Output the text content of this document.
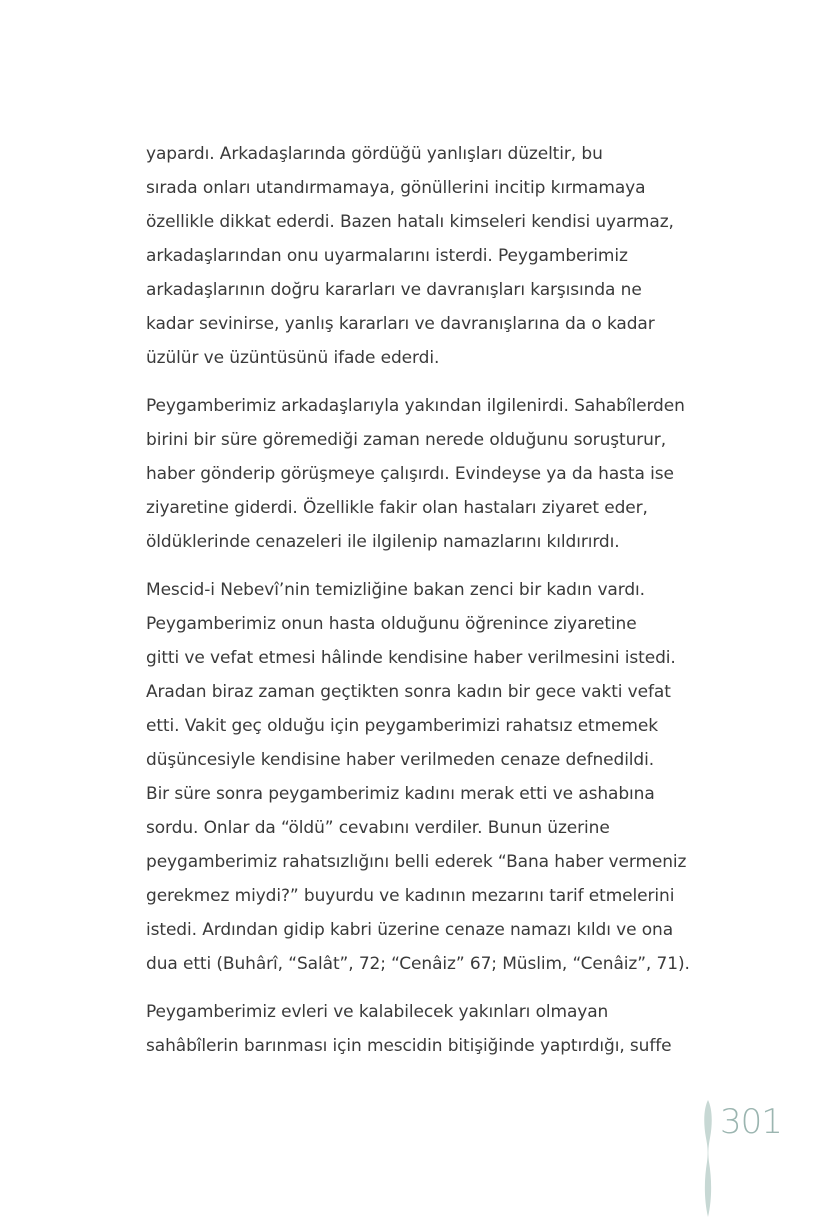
yapardı. Arkadaşlarında gördüğü yanlışları düzeltir, bu
sırada onları utandırmamaya, gönüllerini incitip kırmamaya
özellikle dikkat ederdi. Bazen hatalı kimseleri kendisi uyarmaz,
arkadaşlarından onu uyarmalarını isterdi. Peygamberimiz
arkadaşlarının doğru kararları ve davranışları karşısında ne
kadar sevinirse, yanlış kararları ve davranışlarına da o kadar
üzülür ve üzüntüsünü ifade ederdi.
Peygamberimiz arkadaşlarıyla yakından ilgilenirdi. Sahabîlerden
birini bir süre göremediği zaman nerede olduğunu soruşturur,
haber gönderip görüşmeye çalışırdı. Evindeyse ya da hasta ise
ziyaretine giderdi. Özellikle fakir olan hastaları ziyaret eder,
öldüklerinde cenazeleri ile ilgilenip namazlarını kıldırırdı.
Mescid-i Nebevî’nin temizliğine bakan zenci bir kadın vardı.
Peygamberimiz onun hasta olduğunu öğrenince ziyaretine
gitti ve vefat etmesi hâlinde kendisine haber verilmesini istedi.
Aradan biraz zaman geçtikten sonra kadın bir gece vakti vefat
etti. Vakit geç olduğu için peygamberimizi rahatsız etmemek
düşüncesiyle kendisine haber verilmeden cenaze defnedildi.
Bir süre sonra peygamberimiz kadını merak etti ve ashabına
sordu. Onlar da “öldü” cevabını verdiler. Bunun üzerine
peygamberimiz rahatsızlığını belli ederek “Bana haber vermeniz
gerekmez miydi?” buyurdu ve kadının mezarını tarif etmelerini
istedi. Ardından gidip kabri üzerine cenaze namazı kıldı ve ona
dua etti (Buhârî, “Salât”, 72; “Cenâiz” 67; Müslim, “Cenâiz”, 71).
Peygamberimiz evleri ve kalabilecek yakınları olmayan
sahâbîlerin barınması için mescidin bitişiğinde yaptırdığı, suffe
301
